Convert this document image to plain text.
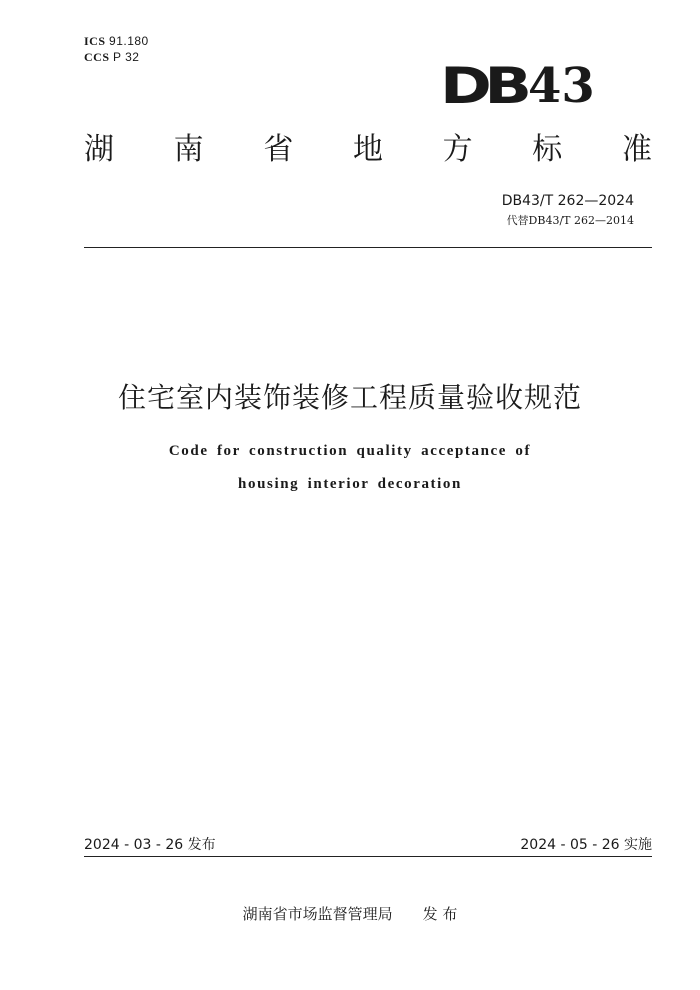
ICS 91.180
CCS P 32	DB 43
湖 南 省 地 方 标 准
DB43/T 262—2024
代替DB43/T 262—2014
住宅室内装饰装修工程质量验收规范
Code for construction quality acceptance of
housing interior decoration
2024 - 03 - 26 发布	2024 - 05 - 26 实施
湖南省市场监督管理局 发 布
